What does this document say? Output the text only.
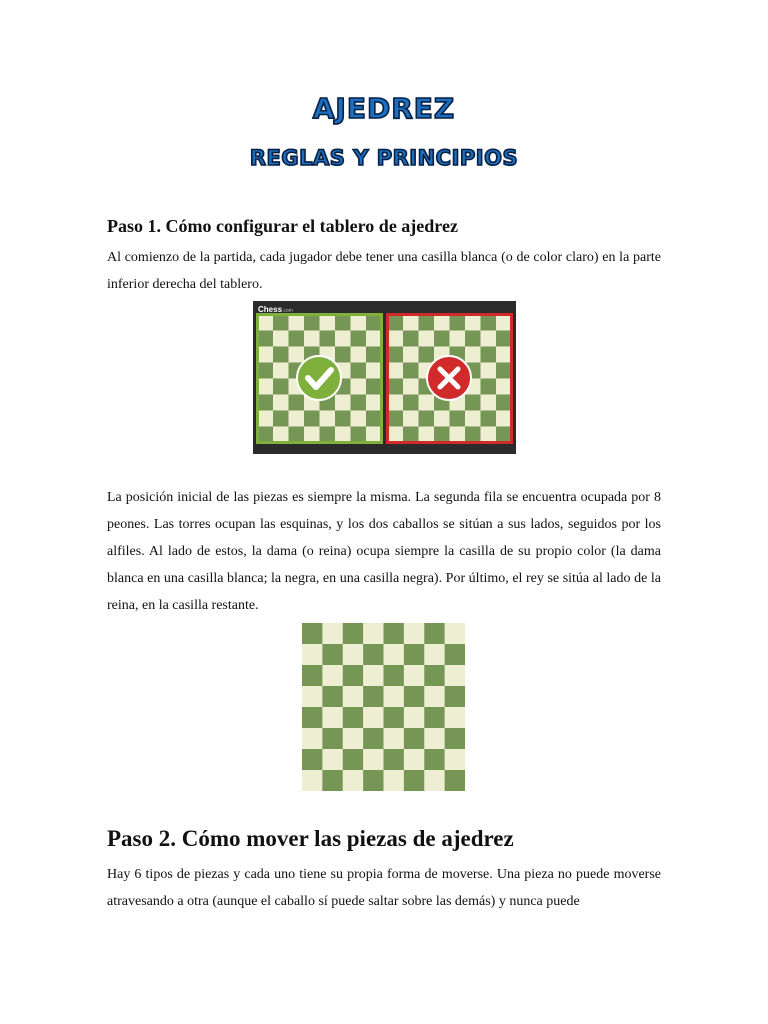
AJEDREZ
REGLAS Y PRINCIPIOS
Paso 1. Cómo configurar el tablero de ajedrez

Al comienzo de la partida, cada jugador debe tener una casilla blanca (o de color claro) en la parte inferior derecha del tablero.

Chess.com

La posición inicial de las piezas es siempre la misma. La segunda fila se encuentra ocupada por 8 peones. Las torres ocupan las esquinas, y los dos caballos se sitúan a sus lados, seguidos por los alfiles. Al lado de estos, la dama (o reina) ocupa siempre la casilla de su propio color (la dama blanca en una casilla blanca; la negra, en una casilla negra). Por último, el rey se sitúa al lado de la reina, en la casilla restante.

Paso 2. Cómo mover las piezas de ajedrez

Hay 6 tipos de piezas y cada uno tiene su propia forma de moverse. Una pieza no puede moverse atravesando a otra (aunque el caballo sí puede saltar sobre las demás) y nunca puede
